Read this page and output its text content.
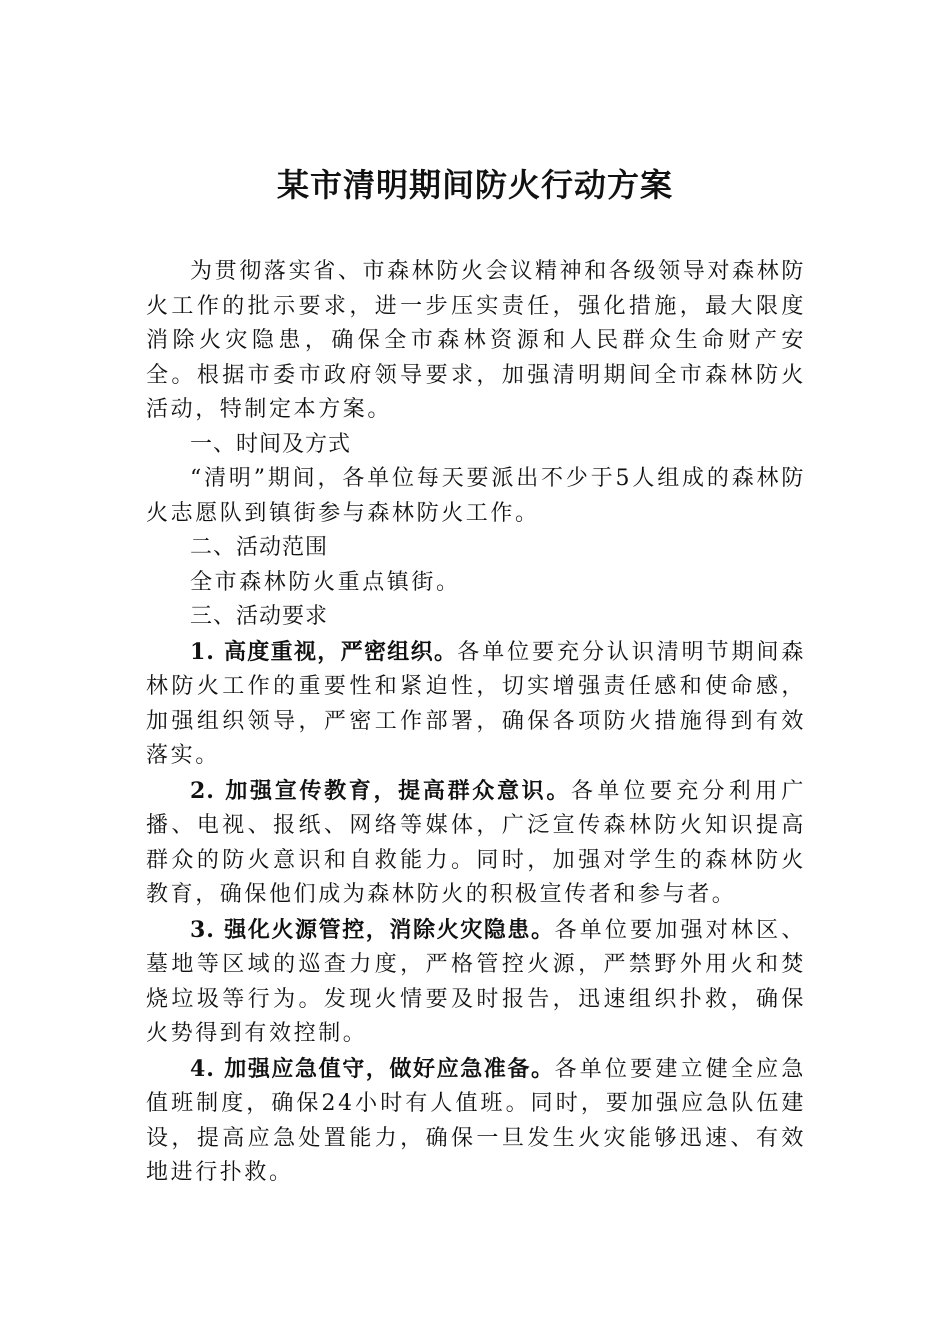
某市清明期间防火行动方案

为贯彻落实省、市森林防火会议精神和各级领导对森林防火工作的批示要求，进一步压实责任，强化措施，最大限度消除火灾隐患，确保全市森林资源和人民群众生命财产安全。根据市委市政府领导要求，加强清明期间全市森林防火活动，特制定本方案。

一、时间及方式

“清明”期间，各单位每天要派出不少于5人组成的森林防火志愿队到镇街参与森林防火工作。

二、活动范围

全市森林防火重点镇街。

三、活动要求

1. 高度重视，严密组织。各单位要充分认识清明节期间森林防火工作的重要性和紧迫性，切实增强责任感和使命感，加强组织领导，严密工作部署，确保各项防火措施得到有效落实。

2. 加强宣传教育，提高群众意识。各单位要充分利用广播、电视、报纸、网络等媒体，广泛宣传森林防火知识提高群众的防火意识和自救能力。同时，加强对学生的森林防火教育，确保他们成为森林防火的积极宣传者和参与者。

3. 强化火源管控，消除火灾隐患。各单位要加强对林区、墓地等区域的巡查力度，严格管控火源，严禁野外用火和焚烧垃圾等行为。发现火情要及时报告，迅速组织扑救，确保火势得到有效控制。

4. 加强应急值守，做好应急准备。各单位要建立健全应急值班制度，确保24小时有人值班。同时，要加强应急队伍建设，提高应急处置能力，确保一旦发生火灾能够迅速、有效地进行扑救。
